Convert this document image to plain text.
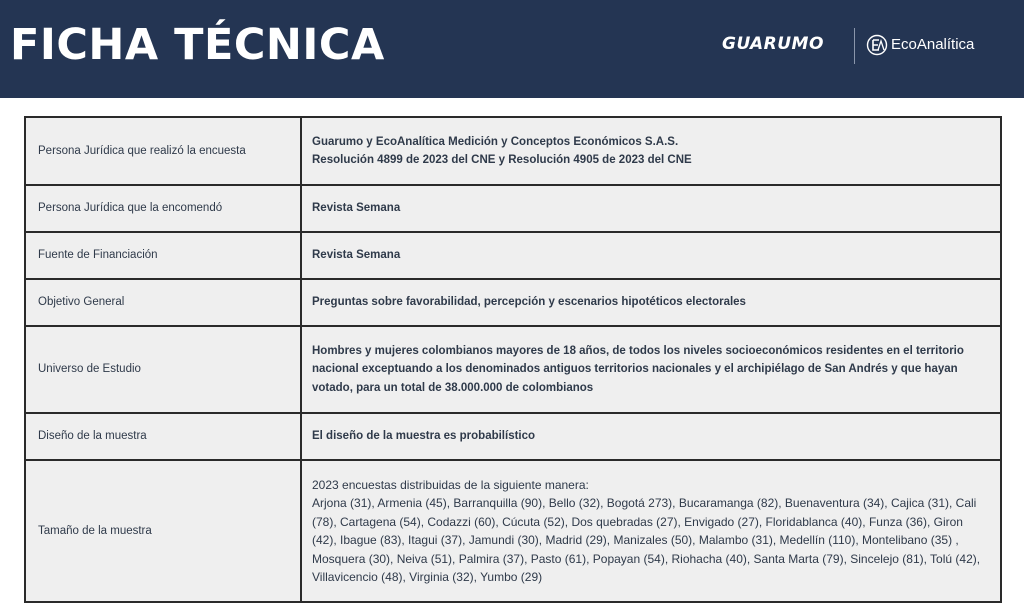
FICHA TÉCNICA	GUARUMO	EcoAnalítica
Persona Jurídica que realizó la encuesta	Guarumo y EcoAnalítica Medición y Conceptos Económicos S.A.S.
Resolución 4899 de 2023 del CNE y Resolución 4905 de 2023 del CNE

Persona Jurídica que la encomendó	Revista Semana
Fuente de Financiación	Revista Semana
Objetivo General	Preguntas sobre favorabilidad, percepción y escenarios hipotéticos electorales
Universo de Estudio	Hombres y mujeres colombianos mayores de 18 años, de todos los niveles socioeconómicos residentes en el territorio nacional exceptuando a los denominados antiguos territorios nacionales y el archipiélago de San Andrés y que hayan votado, para un total de 38.000.000 de colombianos
Diseño de la muestra	El diseño de la muestra es probabilístico
Tamaño de la muestra	2023 encuestas distribuidas de la siguiente manera:
Arjona (31), Armenia (45), Barranquilla (90), Bello (32), Bogotá 273), Bucaramanga (82), Buenaventura (34), Cajica (31), Cali (78), Cartagena (54), Codazzi (60), Cúcuta (52), Dos quebradas (27), Envigado (27), Floridablanca (40), Funza (36), Giron (42), Ibague (83), Itagui (37), Jamundi (30), Madrid (29), Manizales (50), Malambo (31), Medellín (110), Montelibano (35) , Mosquera (30), Neiva (51), Palmira (37), Pasto (61), Popayan (54), Riohacha (40), Santa Marta (79), Sincelejo (81), Tolú (42), Villavicencio (48), Virginia (32), Yumbo (29)
